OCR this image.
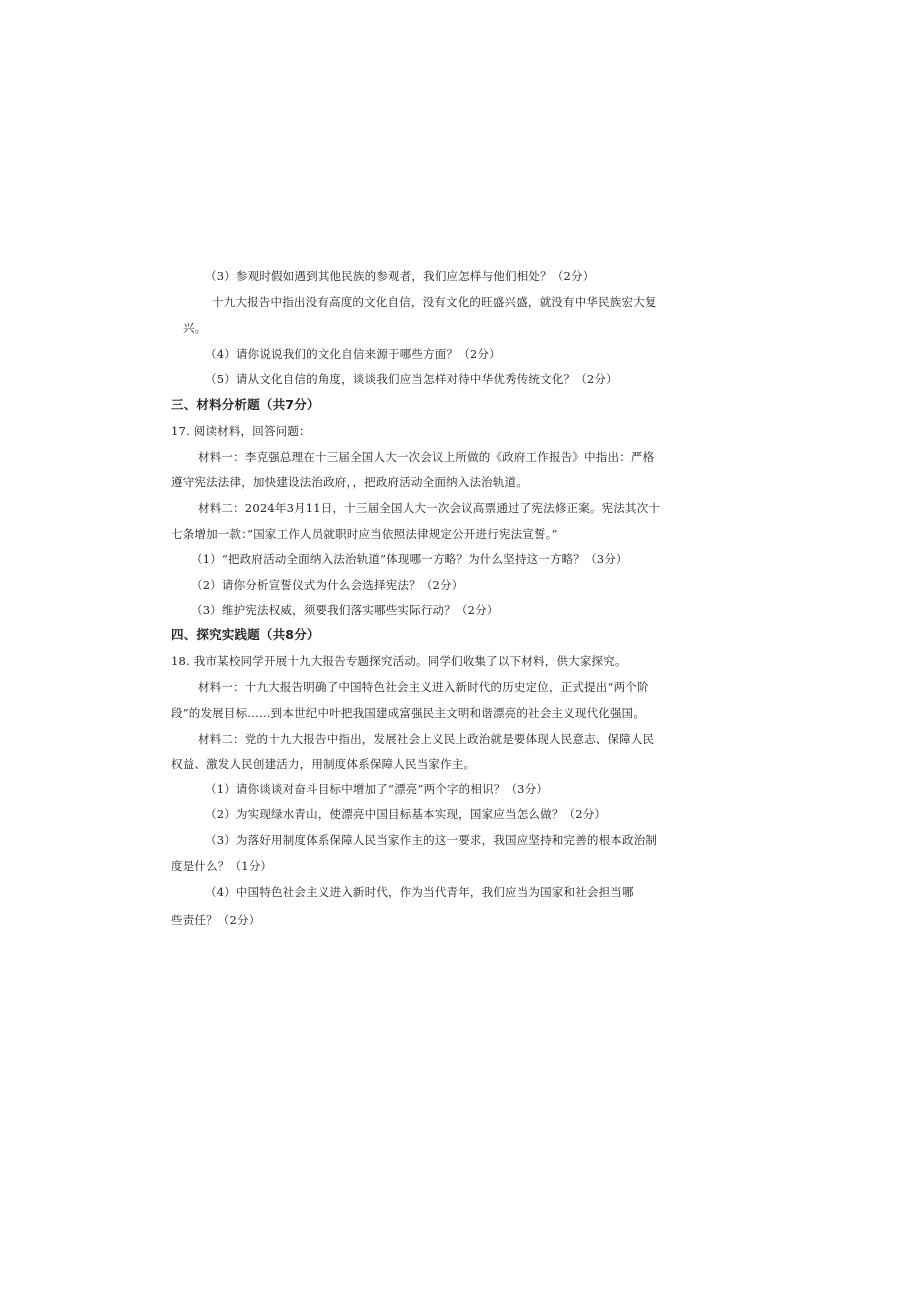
（3）参观时假如遇到其他民族的参观者，我们应怎样与他们相处？（2分）
十九大报告中指出没有高度的文化自信，没有文化的旺盛兴盛，就没有中华民族宏大复
兴。
（4）请你说说我们的文化自信来源于哪些方面？（2分）
（5）请从文化自信的角度，谈谈我们应当怎样对待中华优秀传统文化？（2分）
三、材料分析题（共7分）
17. 阅读材料，回答问题：
材料一：李克强总理在十三届全国人大一次会议上所做的《政府工作报告》中指出：严格
遵守宪法法律，加快建设法治政府，，把政府活动全面纳入法治轨道。
材料二：2024年3月11日，十三届全国人大一次会议高票通过了宪法修正案。宪法其次十
七条增加一款：”国家工作人员就职时应当依照法律规定公开进行宪法宣誓。”
（1）“把政府活动全面纳入法治轨道”体现哪一方略？为什么坚持这一方略？（3分）
（2）请你分析宣誓仪式为什么会选择宪法？（2分）
（3）维护宪法权威，须要我们落实哪些实际行动？（2分）
四、探究实践题（共8分）
18. 我市某校同学开展十九大报告专题探究活动。同学们收集了以下材料，供大家探究。
材料一：十九大报告明确了中国特色社会主义进入新时代的历史定位，正式提出“两个阶
段”的发展目标……到本世纪中叶把我国建成富强民主文明和谐漂亮的社会主义现代化强国。
材料二：党的十九大报告中指出，发展社会上义民上政治就是要体现人民意志、保障人民
权益、激发人民创建活力，用制度体系保障人民当家作主。
（1）请你谈谈对奋斗目标中增加了“漂亮”两个字的相识？（3分）
（2）为实现绿水青山，使漂亮中国目标基本实现，国家应当怎么做？（2分）
（3）为落好用制度体系保障人民当家作主的这一要求，我国应坚持和完善的根本政治制
度是什么？（1分）
（4）中国特色社会主义进入新时代，作为当代青年，我们应当为国家和社会担当哪
些责任？（2分）
